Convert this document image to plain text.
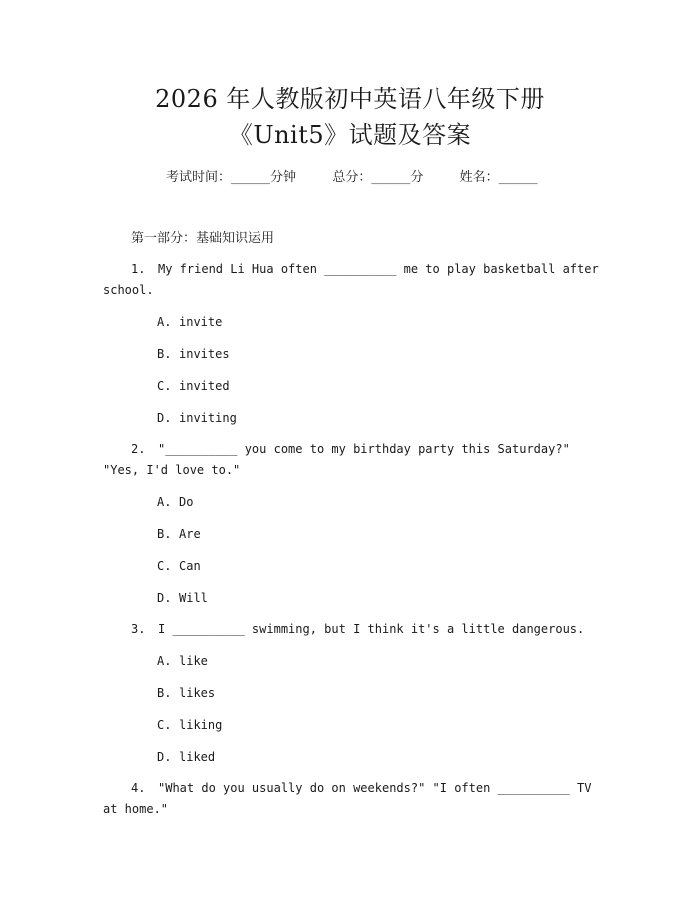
2026 年人教版初中英语八年级下册
《Unit5》试题及答案
考试时间：______分钟	总分：______分	姓名：______
第一部分：基础知识运用
1. My friend Li Hua often __________ me to play basketball after school.
A. invite
B. invites
C. invited
D. inviting
2. "__________ you come to my birthday party this Saturday?" "Yes, I'd love to."
A. Do
B. Are
C. Can
D. Will
3. I __________ swimming, but I think it's a little dangerous.
A. like
B. likes
C. liking
D. liked
4. "What do you usually do on weekends?" "I often __________ TV at home."
